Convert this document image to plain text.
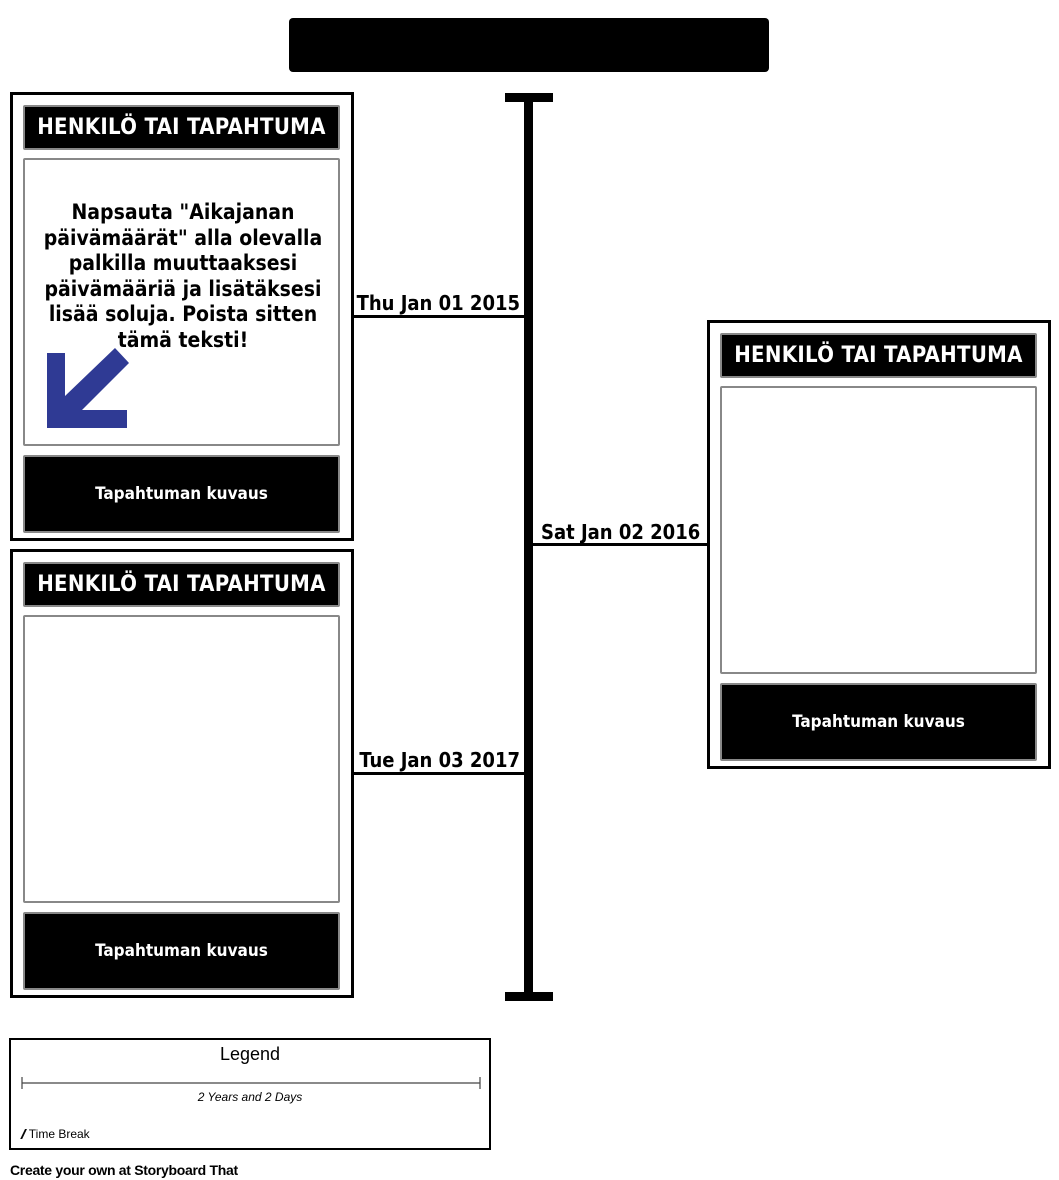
Thu Jan 01 2015
Sat Jan 02 2016
Tue Jan 03 2017
HENKILÖ TAI TAPAHTUMA
Napsauta "Aikajanan päivämäärät" alla olevalla palkilla muuttaaksesi päivämääriä ja lisätäksesi lisää soluja. Poista sitten tämä teksti!
Tapahtuman kuvaus
HENKILÖ TAI TAPAHTUMA
Tapahtuman kuvaus
HENKILÖ TAI TAPAHTUMA
Tapahtuman kuvaus
Legend
2 Years and 2 Days
// Time Break
Create your own at Storyboard That
